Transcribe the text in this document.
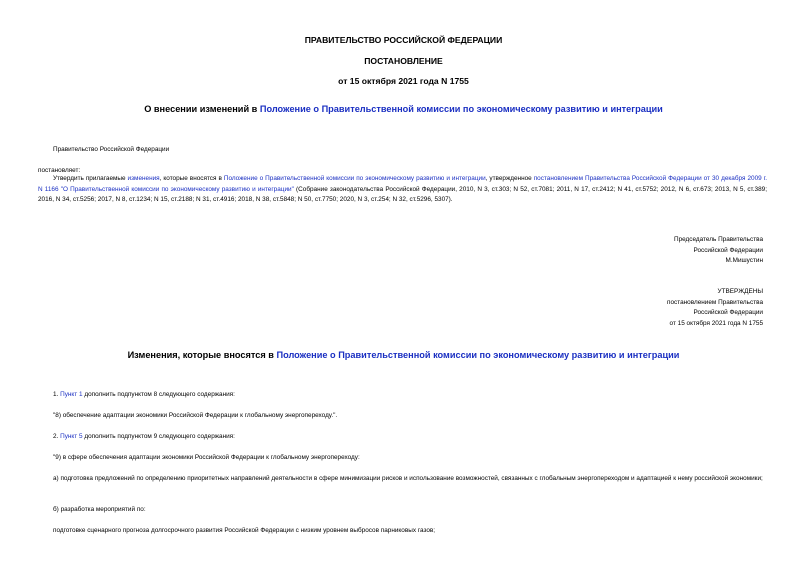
ПРАВИТЕЛЬСТВО РОССИЙСКОЙ ФЕДЕРАЦИИ
ПОСТАНОВЛЕНИЕ
от 15 октября 2021 года N 1755
О внесении изменений в Положение о Правительственной комиссии по экономическому развитию и интеграции
Правительство Российской Федерации
постановляет:
Утвердить прилагаемые изменения, которые вносятся в Положение о Правительственной комиссии по экономическому развитию и интеграции, утвержденное постановлением Правительства Российской Федерации от 30 декабря 2009 г. N 1166 "О Правительственной комиссии по экономическому развитию и интеграции" (Собрание законодательства Российской Федерации, 2010, N 3, ст.303; N 52, ст.7081; 2011, N 17, ст.2412; N 41, ст.5752; 2012, N 6, ст.673; 2013, N 5, ст.389; 2016, N 34, ст.5256; 2017, N 8, ст.1234; N 15, ст.2188; N 31, ст.4916; 2018, N 38, ст.5848; N 50, ст.7750; 2020, N 3, ст.254; N 32, ст.5296, 5307).
Председатель Правительства
Российской Федерации
М.Мишустин
УТВЕРЖДЕНЫ
постановлением Правительства
Российской Федерации
от 15 октября 2021 года N 1755
Изменения, которые вносятся в Положение о Правительственной комиссии по экономическому развитию и интеграции
1. Пункт 1 дополнить подпунктом 8 следующего содержания:
"8) обеспечение адаптации экономики Российской Федерации к глобальному энергопереходу.".
2. Пункт 5 дополнить подпунктом 9 следующего содержания:
"9) в сфере обеспечения адаптации экономики Российской Федерации к глобальному энергопереходу:
а) подготовка предложений по определению приоритетных направлений деятельности в сфере минимизации рисков и использование возможностей, связанных с глобальным энергопереходом и адаптацией к нему российской экономики;
б) разработка мероприятий по:
подготовке сценарного прогноза долгосрочного развития Российской Федерации с низким уровнем выбросов парниковых газов;
